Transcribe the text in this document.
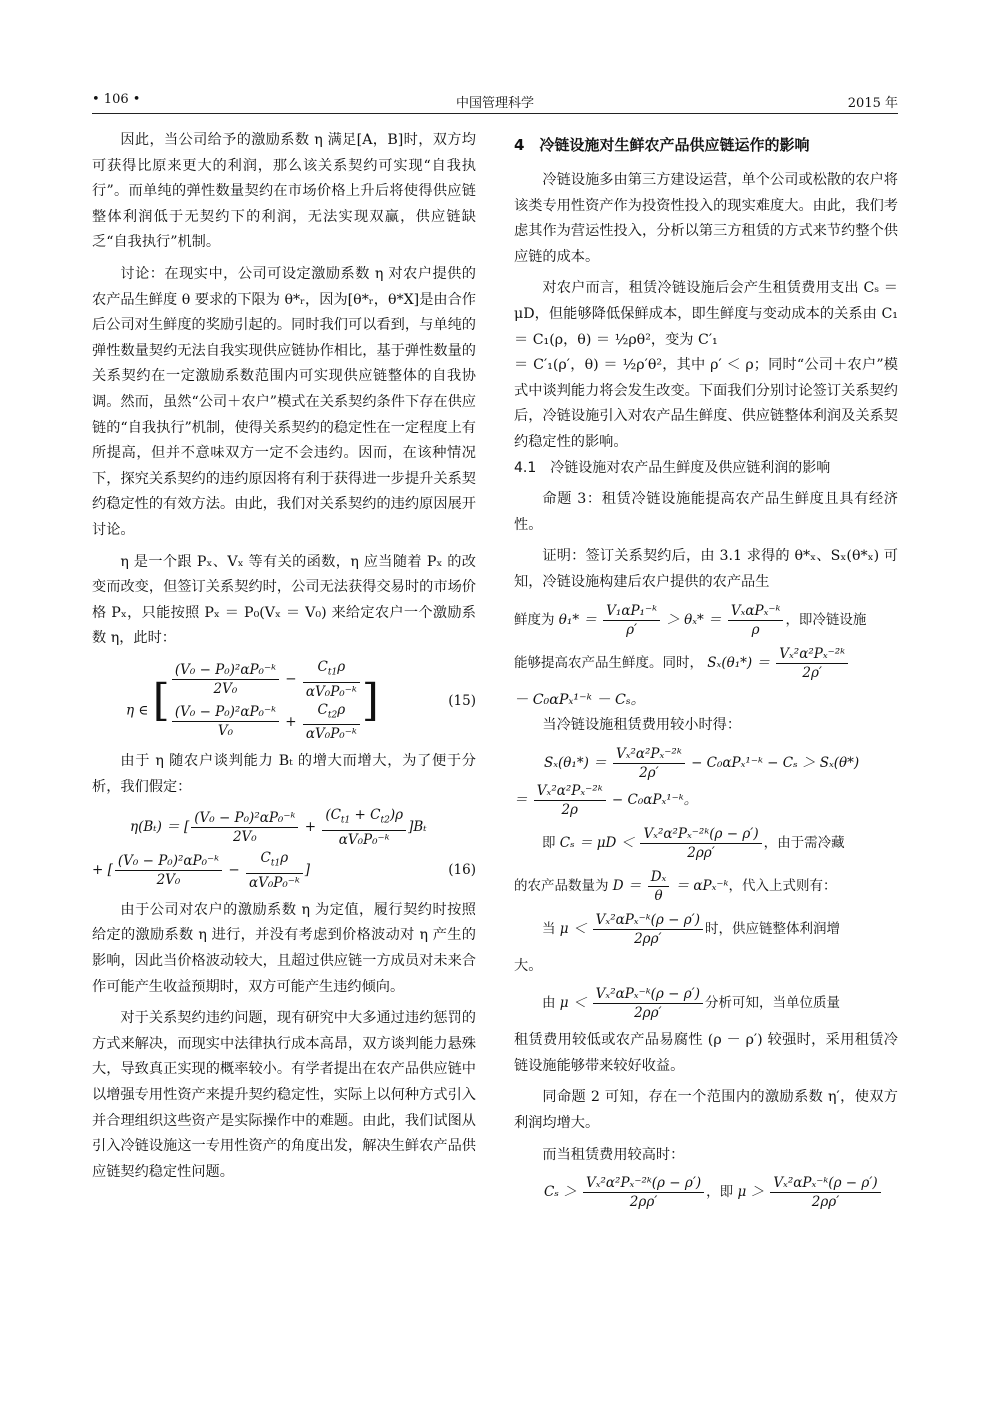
• 106 •	中国管理科学	2015 年

因此，当公司给予的激励系数 η 满足[A，B]时，双方均可获得比原来更大的利润，那么该关系契约可实现“自我执行”。而单纯的弹性数量契约在市场价格上升后将使得供应链整体利润低于无契约下的利润，无法实现双赢，供应链缺乏“自我执行”机制。

讨论：在现实中，公司可设定激励系数 η 对农户提供的农产品生鲜度 θ 要求的下限为 θ*ᵣ，因为[θ*ᵣ，θ*X]是由合作后公司对生鲜度的奖励引起的。同时我们可以看到，与单纯的弹性数量契约无法自我实现供应链协作相比，基于弹性数量的关系契约在一定激励系数范围内可实现供应链整体的自我协调。然而，虽然“公司＋农户”模式在关系契约条件下存在供应链的“自我执行”机制，使得关系契约的稳定性在一定程度上有所提高，但并不意味双方一定不会违约。因而，在该种情况下，探究关系契约的违约原因将有利于获得进一步提升关系契约稳定性的有效方法。由此，我们对关系契约的违约原因展开讨论。

η 是一个跟 Pₓ、Vₓ 等有关的函数，η 应当随着 Pₓ 的改变而改变，但签订关系契约时，公司无法获得交易时的市场价格 Pₓ，只能按照 Pₓ ＝ P₀(Vₓ ＝ V₀) 来给定农户一个激励系数 η，此时：

η ∈ [ $\frac{\text{(V₀ − P₀)²αP₀⁻ᵏ}}{\text{2V₀}} - \frac{C_{t1}\rho}{\text{αV₀P₀⁻ᵏ}}$
$\frac{\text{(V₀ − P₀)²αP₀⁻ᵏ}}{\text{V₀}} + \frac{C_{t2}\rho}{\text{αV₀P₀⁻ᵏ}}$ ]	(15)

由于 η 随农户谈判能力 Bₜ 的增大而增大，为了便于分析，我们假定：

η(Bₜ) ＝ [ $\frac{\text{(V₀ − P₀)²αP₀⁻ᵏ}}{\text{2V₀}} + \frac{(C_{t1} + C_{t2})\rho}{\text{αV₀P₀⁻ᵏ}} ]B_t$
+ [ $\frac{\text{(V₀ − P₀)²αP₀⁻ᵏ}}{\text{2V₀}} - \frac{C_{t1}\rho}{\text{αV₀P₀⁻ᵏ}}$ ]	(16)

由于公司对农户的激励系数 η 为定值，履行契约时按照给定的激励系数 η 进行，并没有考虑到价格波动对 η 产生的影响，因此当价格波动较大，且超过供应链一方成员对未来合作可能产生收益预期时，双方可能产生违约倾向。

对于关系契约违约问题，现有研究中大多通过违约惩罚的方式来解决，而现实中法律执行成本高昂，双方谈判能力悬殊大，导致真正实现的概率较小。有学者提出在农产品供应链中以增强专用性资产来提升契约稳定性，实际上以何种方式引入并合理组织这些资产是实际操作中的难题。由此，我们试图从引入冷链设施这一专用性资产的角度出发，解决生鲜农产品供应链契约稳定性问题。

4　冷链设施对生鲜农产品供应链运作的影响

冷链设施多由第三方建设运营，单个公司或松散的农户将该类专用性资产作为投资性投入的现实难度大。由此，我们考虑其作为营运性投入，分析以第三方租赁的方式来节约整个供应链的成本。

对农户而言，租赁冷链设施后会产生租赁费用支出 Cₛ ＝ μD，但能够降低保鲜成本，即生鲜度与变动成本的关系由 C₁ ＝ C₁(ρ，θ) ＝ ½ρθ²，变为 C′₁

＝ C′₁(ρ′，θ) ＝ ½ρ′θ²，其中 ρ′ ＜ ρ；同时“公司＋农户”模式中谈判能力将会发生改变。下面我们分别讨论签订关系契约后，冷链设施引入对农产品生鲜度、供应链整体利润及关系契约稳定性的影响。

4.1　冷链设施对农产品生鲜度及供应链利润的影响

命题 3：租赁冷链设施能提高农产品生鲜度且具有经济性。

证明：签订关系契约后，由 3.1 求得的 θ*ₓ、Sₓ(θ*ₓ) 可知，冷链设施构建后农户提供的农产品生

鲜度为 $\theta_1* = \frac{\text{V₁αP₁⁻ᵏ}}{\rho'} > \theta_x* = \frac{\text{VₓαPₓ⁻ᵏ}}{\rho}$ ，即冷链设施
能够提高农产品生鲜度。同时， $S_x(\theta_1*) = \frac{\text{Vₓ²α²Pₓ⁻²ᵏ}}{2\rho'}$

－ C₀αPₓ¹⁻ᵏ － Cₛ。

当冷链设施租赁费用较小时得：

$S_x(\theta_1*) = \frac{\text{Vₓ²α²Pₓ⁻²ᵏ}}{2\rho'}$ − C₀αPₓ¹⁻ᵏ − Cₛ ＞ Sₓ(θ*)
＝ $\frac{\text{Vₓ²α²Pₓ⁻²ᵏ}}{2\rho}$ − C₀αPₓ¹⁻ᵏ。
即 $C_s = \mu D < \frac{\text{Vₓ²α²Pₓ⁻²ᵏ(ρ − ρ′)}}{2\rho\rho'}$ ，由于需冷藏
的农产品数量为 $D = \frac{\text{Dₓ}}{\theta}$ ＝ αPₓ⁻ᵏ，代入上式则有：
当 $\mu < \frac{\text{Vₓ²αPₓ⁻ᵏ(ρ − ρ′)}}{2\rho\rho'}$ 时，供应链整体利润增

大。

由 $\mu < \frac{\text{Vₓ²αPₓ⁻ᵏ(ρ − ρ′)}}{2\rho\rho'}$ 分析可知，当单位质量

租赁费用较低或农产品易腐性 (ρ － ρ′) 较强时，采用租赁冷链设施能够带来较好收益。

同命题 2 可知，存在一个范围内的激励系数 η′，使双方利润均增大。

而当租赁费用较高时：

$C_s > \frac{\text{Vₓ²α²Pₓ⁻²ᵏ(ρ − ρ′)}}{2\rho\rho'}$ ，即 $\mu > \frac{\text{Vₓ²αPₓ⁻ᵏ(ρ − ρ′)}}{2\rho\rho'}$
